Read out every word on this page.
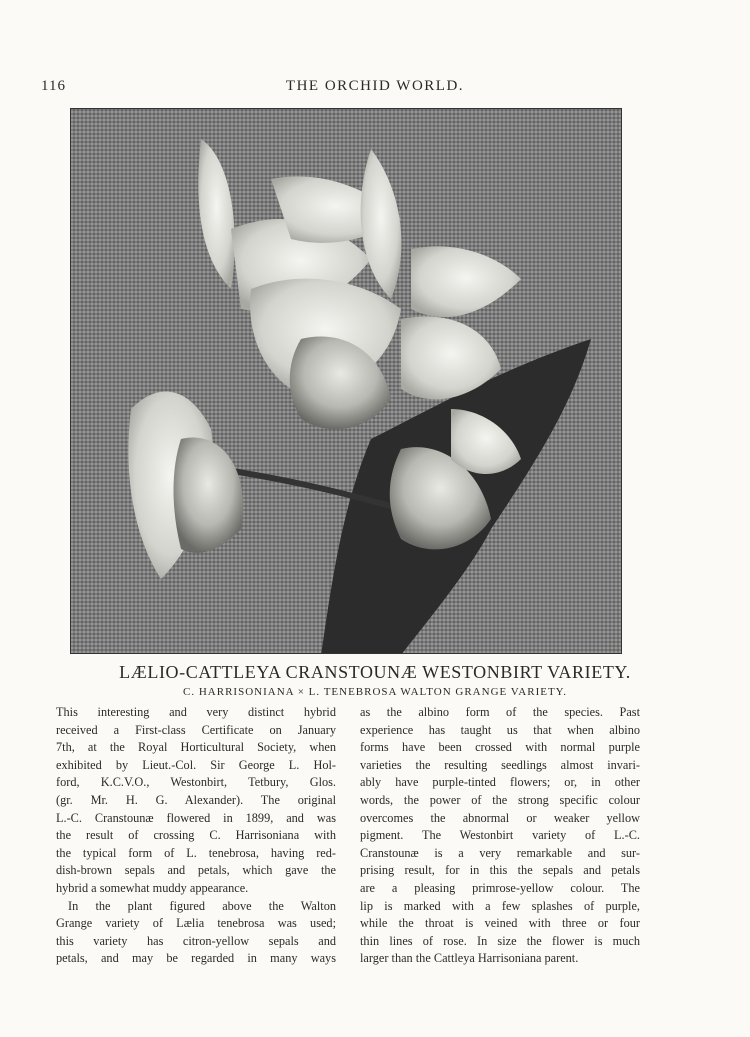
116	THE ORCHID WORLD.
LÆLIO-CATTLEYA CRANSTOUNÆ WESTONBIRT VARIETY.
C. HARRISONIANA × L. TENEBROSA WALTON GRANGE VARIETY.
This interesting and very distinct hybrid
received a First-class Certificate on January
7th, at the Royal Horticultural Society, when
exhibited by Lieut.-Col. Sir George L. Hol-
ford, K.C.V.O., Westonbirt, Tetbury, Glos.
(gr. Mr. H. G. Alexander). The original
L.-C. Cranstounæ flowered in 1899, and was
the result of crossing C. Harrisoniana with
the typical form of L. tenebrosa, having red-
dish-brown sepals and petals, which gave the
hybrid a somewhat muddy appearance.
In the plant figured above the Walton
Grange variety of Lælia tenebrosa was used;
this variety has citron-yellow sepals and
petals, and may be regarded in many ways
as the albino form of the species. Past
experience has taught us that when albino
forms have been crossed with normal purple
varieties the resulting seedlings almost invari-
ably have purple-tinted flowers; or, in other
words, the power of the strong specific colour
overcomes the abnormal or weaker yellow
pigment. The Westonbirt variety of L.-C.
Cranstounæ is a very remarkable and sur-
prising result, for in this the sepals and petals
are a pleasing primrose-yellow colour. The
lip is marked with a few splashes of purple,
while the throat is veined with three or four
thin lines of rose. In size the flower is much
larger than the Cattleya Harrisoniana parent.
